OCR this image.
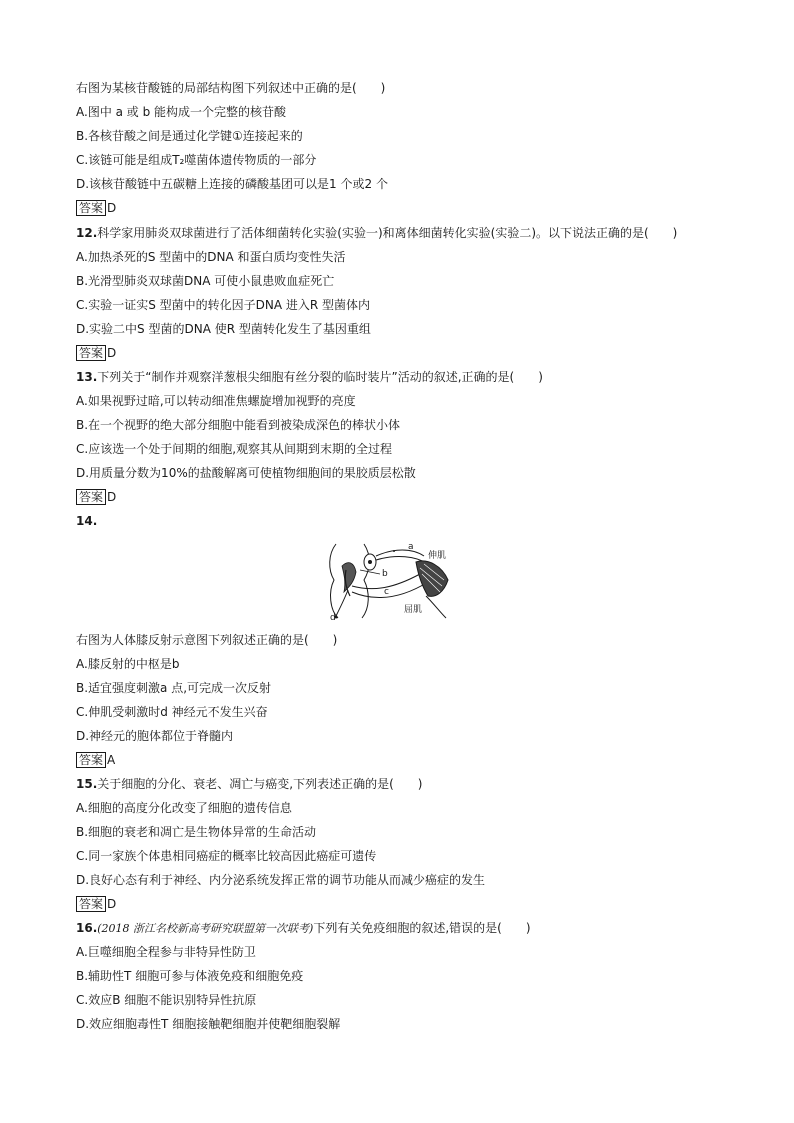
右图为某核苷酸链的局部结构图下列叙述中正确的是(　　)
A.图中 a 或 b 能构成一个完整的核苷酸
B.各核苷酸之间是通过化学键①连接起来的
C.该链可能是组成T₂噬菌体遗传物质的一部分
D.该核苷酸链中五碳糖上连接的磷酸基团可以是1 个或2 个
答案 D
12.科学家用肺炎双球菌进行了活体细菌转化实验(实验一)和离体细菌转化实验(实验二)。以下说法正确的是(　　)
A.加热杀死的S 型菌中的DNA 和蛋白质均变性失活
B.光滑型肺炎双球菌DNA 可使小鼠患败血症死亡
C.实验一证实S 型菌中的转化因子DNA 进入R 型菌体内
D.实验二中S 型菌的DNA 使R 型菌转化发生了基因重组
答案 D
13.下列关于“制作并观察洋葱根尖细胞有丝分裂的临时装片”活动的叙述,正确的是(　　)
A.如果视野过暗,可以转动细准焦螺旋增加视野的亮度
B.在一个视野的绝大部分细胞中能看到被染成深色的棒状小体
C.应该选一个处于间期的细胞,观察其从间期到末期的全过程
D.用质量分数为10%的盐酸解离可使植物细胞间的果胶质层松散
答案 D
14.
a
b
c
d
伸肌
屈肌
右图为人体膝反射示意图下列叙述正确的是(　　)
A.膝反射的中枢是b
B.适宜强度刺激a 点,可完成一次反射
C.伸肌受刺激时d 神经元不发生兴奋
D.神经元的胞体都位于脊髓内
答案 A
15.关于细胞的分化、衰老、凋亡与癌变,下列表述正确的是(　　)
A.细胞的高度分化改变了细胞的遗传信息
B.细胞的衰老和凋亡是生物体异常的生命活动
C.同一家族个体患相同癌症的概率比较高因此癌症可遗传
D.良好心态有利于神经、内分泌系统发挥正常的调节功能从而减少癌症的发生
答案 D
16.(2018 浙江名校新高考研究联盟第一次联考)下列有关免疫细胞的叙述,错误的是(　　)
A.巨噬细胞全程参与非特异性防卫
B.辅助性T 细胞可参与体液免疫和细胞免疫
C.效应B 细胞不能识别特异性抗原
D.效应细胞毒性T 细胞接触靶细胞并使靶细胞裂解
